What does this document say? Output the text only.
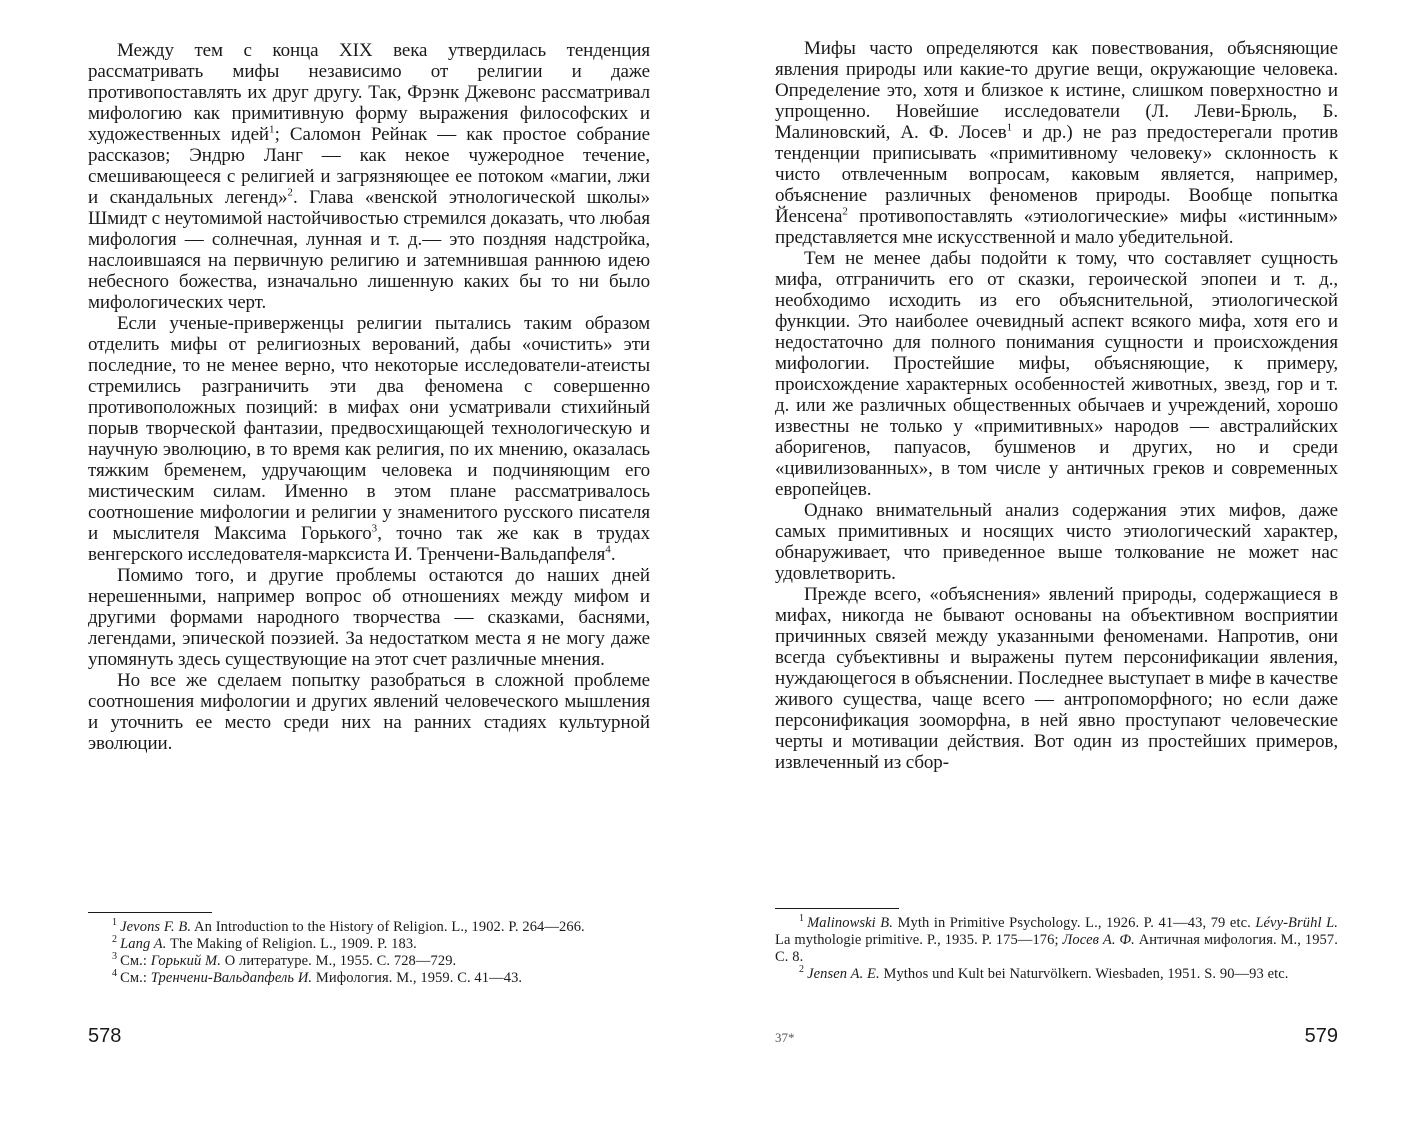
Между тем с конца XIX века утвердилась тенденция рассматривать мифы независимо от религии и даже противопоставлять их друг другу. Так, Фрэнк Джевонс рассматривал мифологию как примитивную форму выражения философских и художественных идей$^1$; Саломон Рейнак — как простое собрание рассказов; Эндрю Ланг — как некое чужеродное течение, смешивающееся с религией и загрязняющее ее потоком «магии, лжи и скандальных легенд»$^2$. Глава «венской этнологической школы» Шмидт с неутомимой настойчивостью стремился доказать, что любая мифология — солнечная, лунная и т. д.— это поздняя надстройка, наслоившаяся на первичную религию и затемнившая раннюю идею небесного божества, изначально лишенную каких бы то ни было мифологических черт.

Если ученые-приверженцы религии пытались таким образом отделить мифы от религиозных верований, дабы «очистить» эти последние, то не менее верно, что некоторые исследователи-атеисты стремились разграничить эти два феномена с совершенно противоположных позиций: в мифах они усматривали стихийный порыв творческой фантазии, предвосхищающей технологическую и научную эволюцию, в то время как религия, по их мнению, оказалась тяжким бременем, удручающим человека и подчиняющим его мистическим силам. Именно в этом плане рассматривалось соотношение мифологии и религии у знаменитого русского писателя и мыслителя Максима Горького$^3$, точно так же как в трудах венгерского исследователя-марксиста И. Тренчени-Вальдапфеля$^4$.

Помимо того, и другие проблемы остаются до наших дней нерешенными, например вопрос об отношениях между мифом и другими формами народного творчества — сказками, баснями, легендами, эпической поэзией. За недостатком места я не могу даже упомянуть здесь существующие на этот счет различные мнения.

Но все же сделаем попытку разобраться в сложной проблеме соотношения мифологии и других явлений человеческого мышления и уточнить ее место среди них на ранних стадиях культурной эволюции.

$^1$ Jevons F. B. An Introduction to the History of Religion. L., 1902. P. 264—266.

$^2$ Lang A. The Making of Religion. L., 1909. P. 183.

$^3$ См.: Горький М. О литературе. М., 1955. С. 728—729.

$^4$ См.: Тренчени-Вальдапфель И. Мифология. М., 1959. С. 41—43.

578

Мифы часто определяются как повествования, объясняющие явления природы или какие-то другие вещи, окружающие человека. Определение это, хотя и близкое к истине, слишком поверхностно и упрощенно. Новейшие исследователи (Л. Леви-Брюль, Б. Малиновский, А. Ф. Лосев$^1$ и др.) не раз предостерегали против тенденции приписывать «примитивному человеку» склонность к чисто отвлеченным вопросам, каковым является, например, объяснение различных феноменов природы. Вообще попытка Йенсена$^2$ противопоставлять «этиологические» мифы «истинным» представляется мне искусственной и мало убедительной.

Тем не менее дабы подойти к тому, что составляет сущность мифа, отграничить его от сказки, героической эпопеи и т. д., необходимо исходить из его объяснительной, этиологической функции. Это наиболее очевидный аспект всякого мифа, хотя его и недостаточно для полного понимания сущности и происхождения мифологии. Простейшие мифы, объясняющие, к примеру, происхождение характерных особенностей животных, звезд, гор и т. д. или же различных общественных обычаев и учреждений, хорошо известны не только у «примитивных» народов — австралийских аборигенов, папуасов, бушменов и других, но и среди «цивилизованных», в том числе у античных греков и современных европейцев.

Однако внимательный анализ содержания этих мифов, даже самых примитивных и носящих чисто этиологический характер, обнаруживает, что приведенное выше толкование не может нас удовлетворить.

Прежде всего, «объяснения» явлений природы, содержащиеся в мифах, никогда не бывают основаны на объективном восприятии причинных связей между указанными феноменами. Напротив, они всегда субъективны и выражены путем персонификации явления, нуждающегося в объяснении. Последнее выступает в мифе в качестве живого существа, чаще всего — антропоморфного; но если даже персонификация зооморфна, в ней явно проступают человеческие черты и мотивации действия. Вот один из простейших примеров, извлеченный из сбор-

$^1$ Malinowski B. Myth in Primitive Psychology. L., 1926. P. 41—43, 79 etc. Lévy-Brühl L. La mythologie primitive. P., 1935. P. 175—176; Лосев А. Ф. Античная мифология. М., 1957. С. 8.

$^2$ Jensen A. E. Mythos und Kult bei Naturvölkern. Wiesbaden, 1951. S. 90—93 etc.

37*	579
